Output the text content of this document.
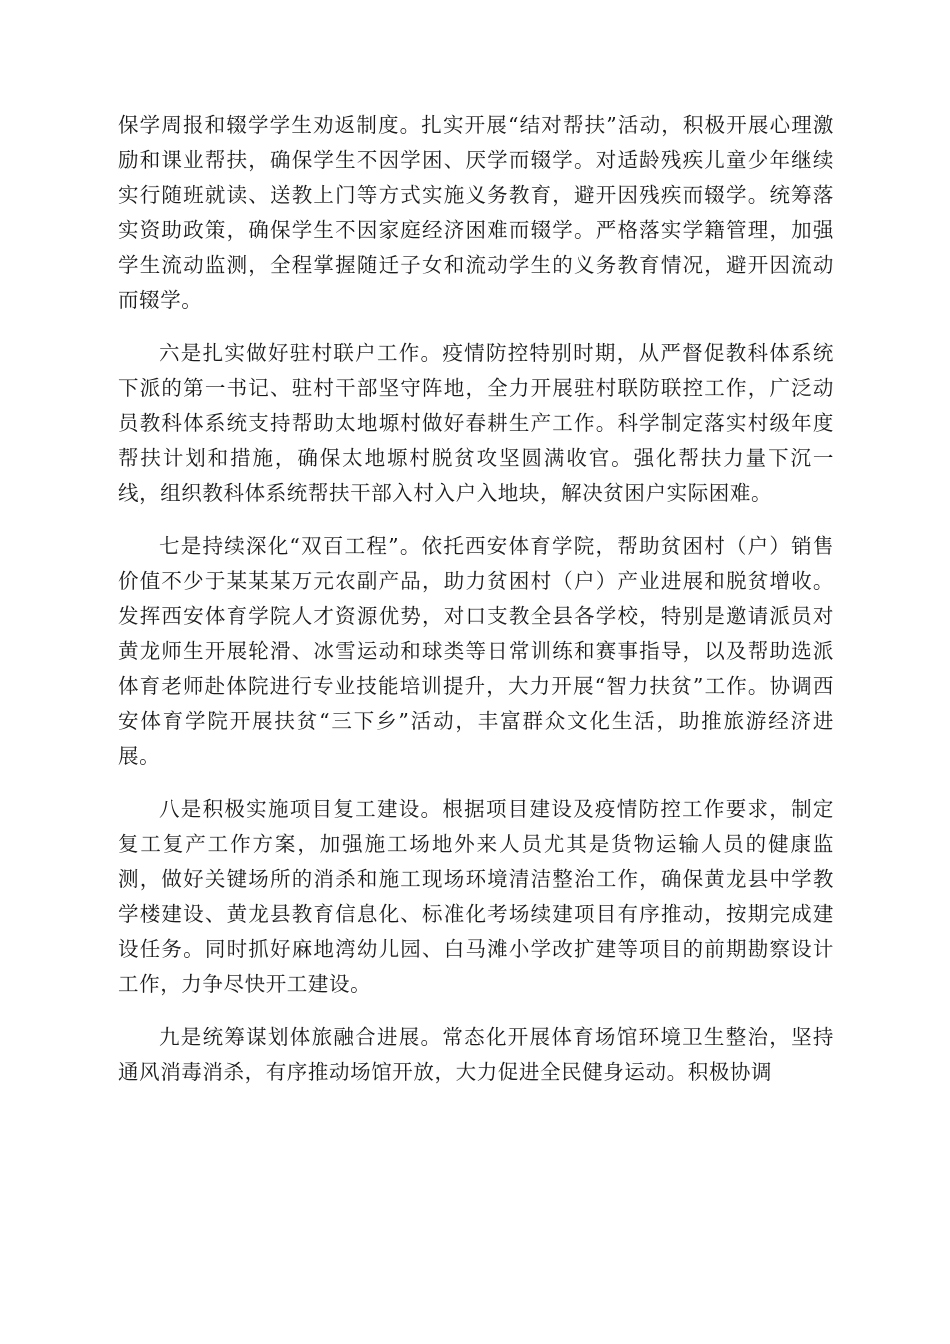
保学周报和辍学学生劝返制度。扎实开展“结对帮扶”活动，积极开展心理激励和课业帮扶，确保学生不因学困、厌学而辍学。对适龄残疾儿童少年继续实行随班就读、送教上门等方式实施义务教育，避开因残疾而辍学。统筹落实资助政策，确保学生不因家庭经济困难而辍学。严格落实学籍管理，加强学生流动监测，全程掌握随迁子女和流动学生的义务教育情况，避开因流动而辍学。

六是扎实做好驻村联户工作。疫情防控特别时期，从严督促教科体系统下派的第一书记、驻村干部坚守阵地，全力开展驻村联防联控工作，广泛动员教科体系统支持帮助太地塬村做好春耕生产工作。科学制定落实村级年度帮扶计划和措施，确保太地塬村脱贫攻坚圆满收官。强化帮扶力量下沉一线，组织教科体系统帮扶干部入村入户入地块，解决贫困户实际困难。

七是持续深化“双百工程”。依托西安体育学院，帮助贫困村（户）销售价值不少于某某某万元农副产品，助力贫困村（户）产业进展和脱贫增收。发挥西安体育学院人才资源优势，对口支教全县各学校，特别是邀请派员对黄龙师生开展轮滑、冰雪运动和球类等日常训练和赛事指导，以及帮助选派体育老师赴体院进行专业技能培训提升，大力开展“智力扶贫”工作。协调西安体育学院开展扶贫“三下乡”活动，丰富群众文化生活，助推旅游经济进展。

八是积极实施项目复工建设。根据项目建设及疫情防控工作要求，制定复工复产工作方案，加强施工场地外来人员尤其是货物运输人员的健康监测，做好关键场所的消杀和施工现场环境清洁整治工作，确保黄龙县中学教学楼建设、黄龙县教育信息化、标准化考场续建项目有序推动，按期完成建设任务。同时抓好麻地湾幼儿园、白马滩小学改扩建等项目的前期勘察设计工作，力争尽快开工建设。

九是统筹谋划体旅融合进展。常态化开展体育场馆环境卫生整治，坚持通风消毒消杀，有序推动场馆开放，大力促进全民健身运动。积极协调
